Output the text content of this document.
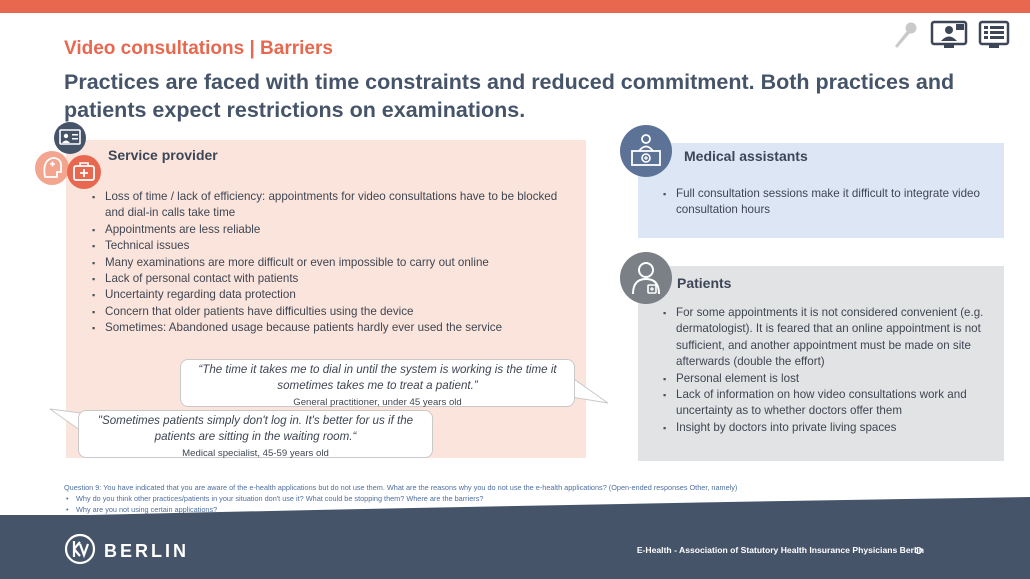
Video consultations | Barriers
Practices are faced with time constraints and reduced commitment. Both practices and patients expect restrictions on examinations.
Service provider
▪ Loss of time / lack of efficiency: appointments for video consultations have to be blocked and dial-in calls take time
▪ Appointments are less reliable
▪ Technical issues
▪ Many examinations are more difficult or even impossible to carry out online
▪ Lack of personal contact with patients
▪ Uncertainty regarding data protection
▪ Concern that older patients have difficulties using the device
▪ Sometimes: Abandoned usage because patients hardly ever used the service
“The time it takes me to dial in until the system is working is the time it sometimes takes me to treat a patient.”
General practitioner, under 45 years old
"Sometimes patients simply don't log in. It's better for us if the patients are sitting in the waiting room.“
Medical specialist, 45-59 years old
Medical assistants
▪ Full consultation sessions make it difficult to integrate video consultation hours
Patients
▪ For some appointments it is not considered convenient (e.g. dermatologist). It is feared that an online appointment is not sufficient, and another appointment must be made on site afterwards (double the effort)
▪ Personal element is lost
▪ Lack of information on how video consultations work and uncertainty as to whether doctors offer them
▪ Insight by doctors into private living spaces
Question 9: You have indicated that you are aware of the e-health applications but do not use them. What are the reasons why you do not use the e-health applications? (Open-ended responses Other, namely)
• Why do you think other practices/patients in your situation don't use it? What could be stopping them? Where are the barriers?
• Why are you not using certain applications?
BERLIN	E-Health - Association of Statutory Health Insurance Physicians Berlin
